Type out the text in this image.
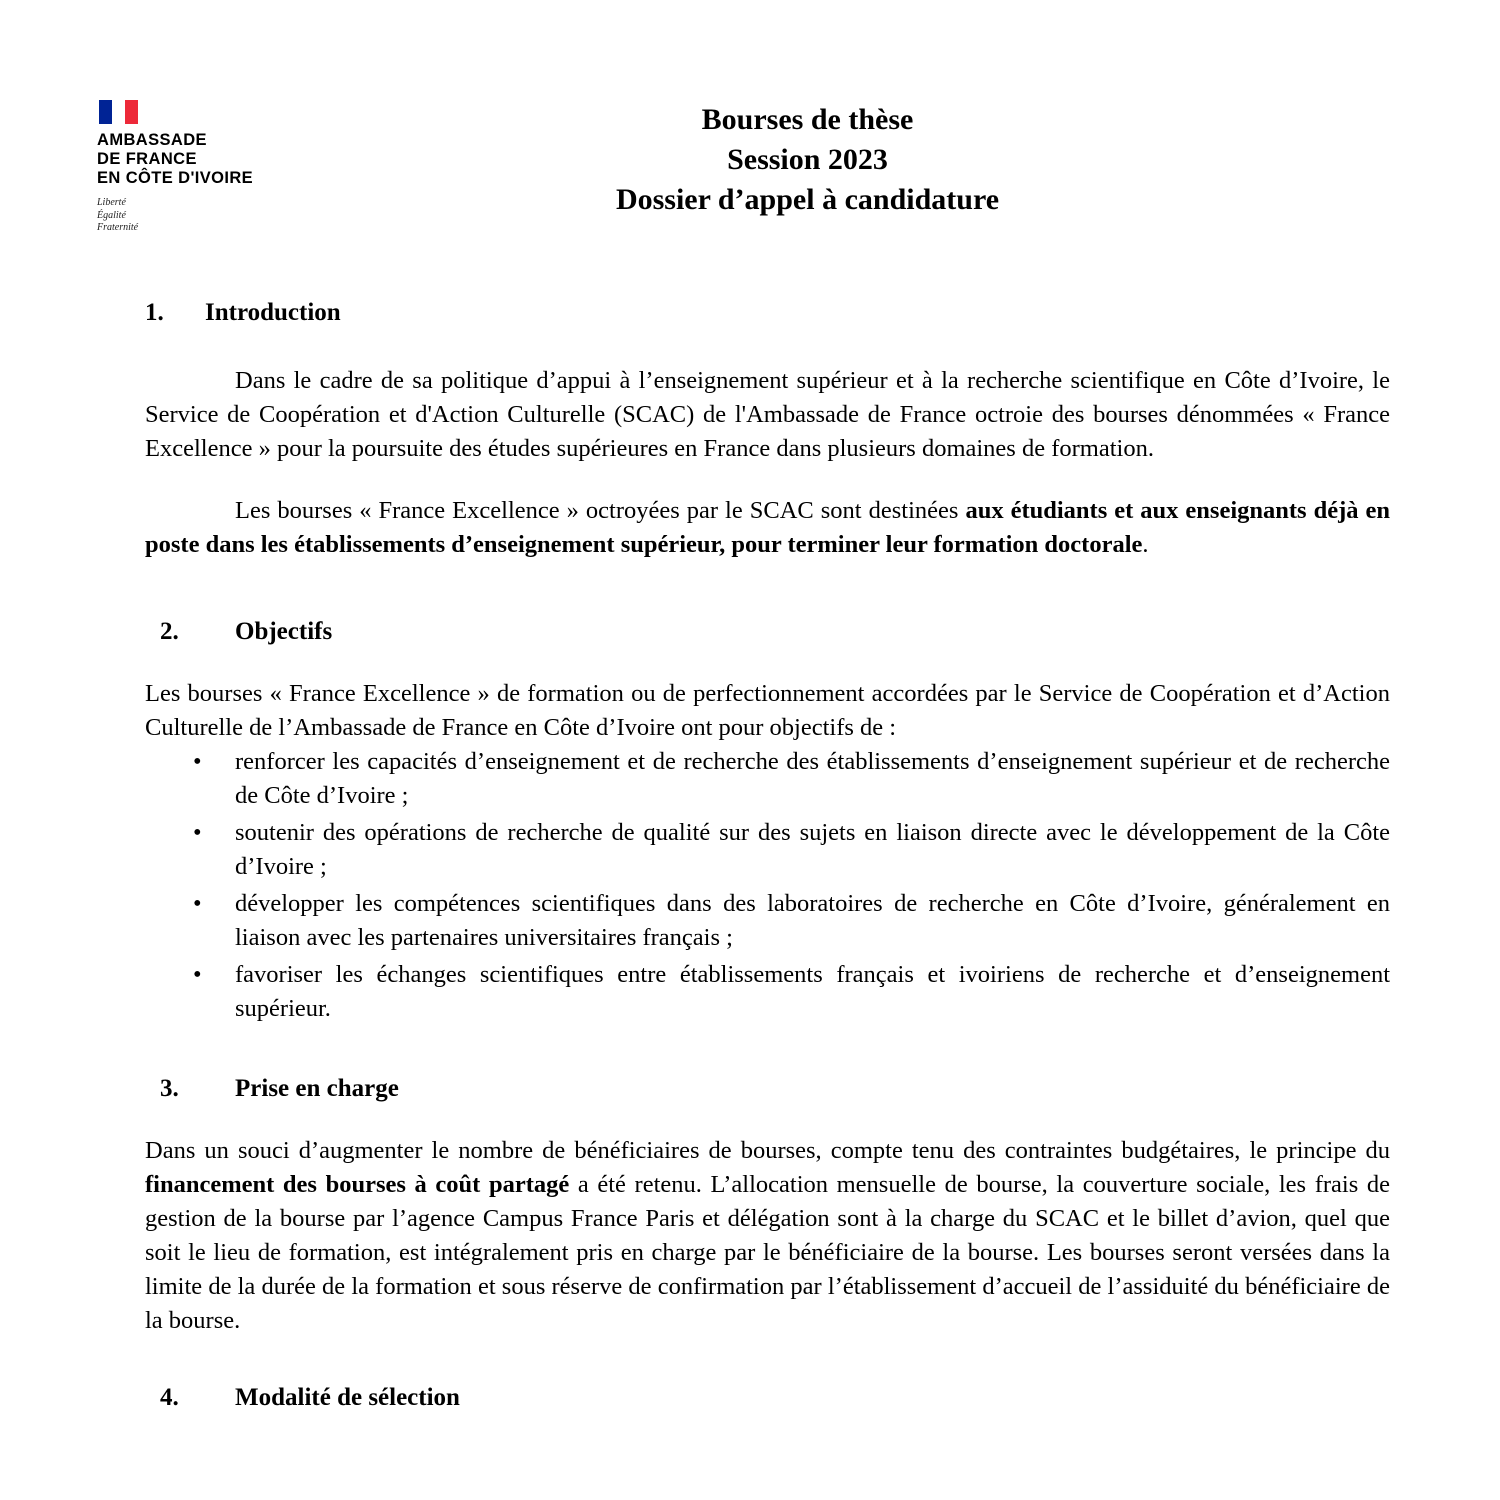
AMBASSADE
DE FRANCE
EN CÔTE D'IVOIRE
Liberté
Égalité
Fraternité
Bourses de thèse
Session 2023
Dossier d’appel à candidature
1.	Introduction

Dans le cadre de sa politique d’appui à l’enseignement supérieur et à la recherche scientifique en Côte d’Ivoire, le Service de Coopération et d'Action Culturelle (SCAC) de l'Ambassade de France octroie des bourses dénommées « France Excellence » pour la poursuite des études supérieures en France dans plusieurs domaines de formation.

Les bourses « France Excellence » octroyées par le SCAC sont destinées aux étudiants et aux enseignants déjà en poste dans les établissements d’enseignement supérieur, pour terminer leur formation doctorale.

2.	Objectifs

Les bourses « France Excellence » de formation ou de perfectionnement accordées par le Service de Coopération et d’Action Culturelle de l’Ambassade de France en Côte d’Ivoire ont pour objectifs de :

• renforcer les capacités d’enseignement et de recherche des établissements d’enseignement supérieur et de recherche de Côte d’Ivoire ;
• soutenir des opérations de recherche de qualité sur des sujets en liaison directe avec le développement de la Côte d’Ivoire ;
• développer les compétences scientifiques dans des laboratoires de recherche en Côte d’Ivoire, généralement en liaison avec les partenaires universitaires français ;
• favoriser les échanges scientifiques entre établissements français et ivoiriens de recherche et d’enseignement supérieur.
3.	Prise en charge

Dans un souci d’augmenter le nombre de bénéficiaires de bourses, compte tenu des contraintes budgétaires, le principe du financement des bourses à coût partagé a été retenu. L’allocation mensuelle de bourse, la couverture sociale, les frais de gestion de la bourse par l’agence Campus France Paris et délégation sont à la charge du SCAC et le billet d’avion, quel que soit le lieu de formation, est intégralement pris en charge par le bénéficiaire de la bourse. Les bourses seront versées dans la limite de la durée de la formation et sous réserve de confirmation par l’établissement d’accueil de l’assiduité du bénéficiaire de la bourse.

4.	Modalité de sélection
